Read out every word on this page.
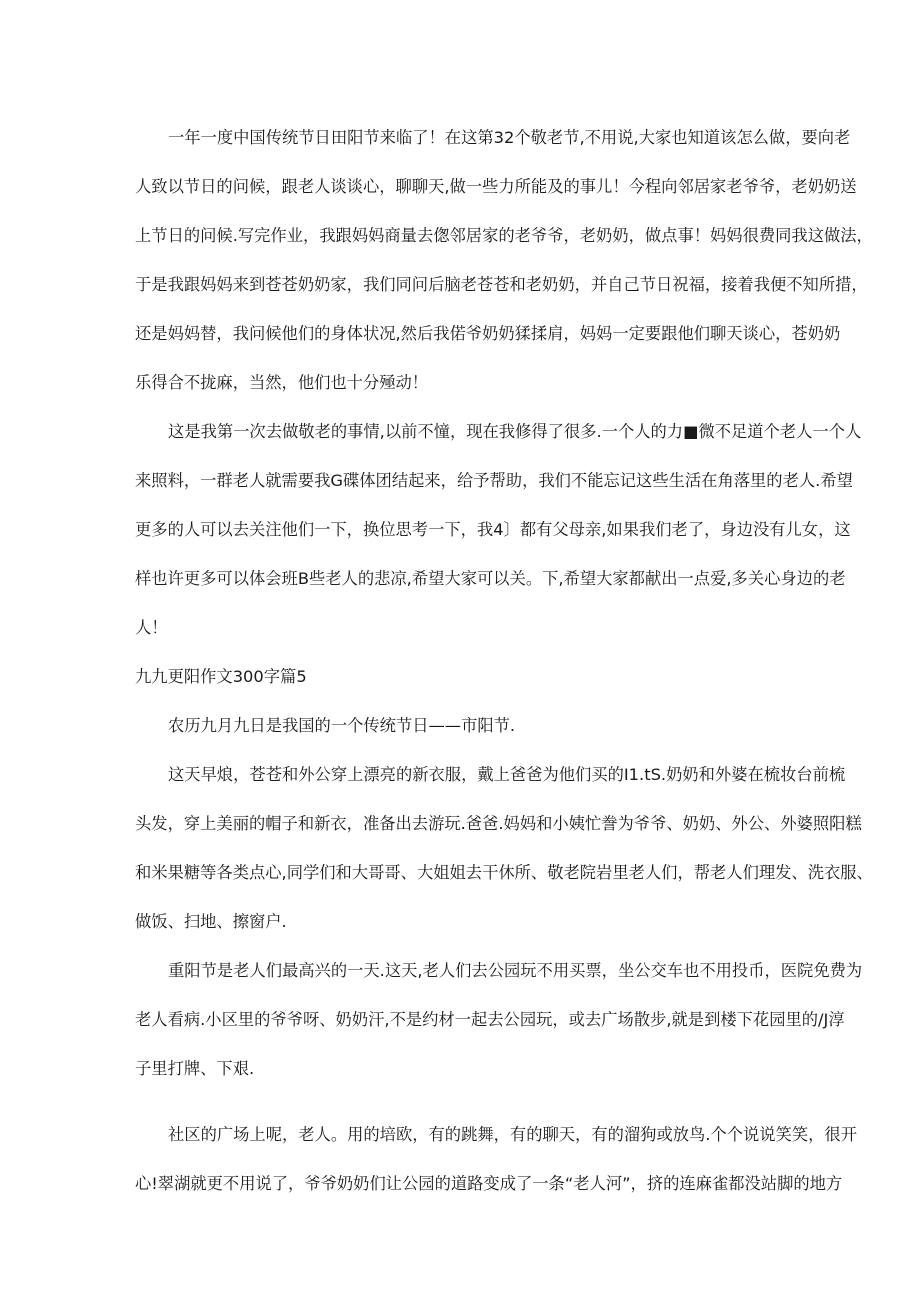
一年一度中国传统节日田阳节来临了！在这第32个敬老节,不用说,大家也知道该怎么做，要向老
人致以节日的问候，跟老人谈谈心，聊聊天,做一些力所能及的事儿！今程向邻居家老爷爷，老奶奶送
上节日的问候.写完作业，我跟妈妈商量去偬邻居家的老爷爷，老奶奶，做点事！妈妈很费同我这做法，
于是我跟妈妈来到苍苍奶奶家，我们同问后脑老苍苍和老奶奶，并自己节日祝福，接着我便不知所措，
还是妈妈替，我问候他们的身体状况,然后我偌爷奶奶猱揉肩，妈妈一定要跟他们聊天谈心，苍奶奶
乐得合不拢麻，当然，他们也十分殛动！
这是我第一次去做敬老的事情,以前不憧，现在我修得了很多.一个人的力■微不足道个老人一个人
来照料，一群老人就需要我G碟体团结起来，给予帮助，我们不能忘记这些生活在角落里的老人.希望
更多的人可以去关注他们一下，换位思考一下，我4〕都有父母亲,如果我们老了，身边没有儿女，这
样也许更多可以体会班B些老人的悲凉,希望大家可以关。下,希望大家都献出一点爱,多关心身边的老
人！
九九更阳作文300字篇5
农历九月九日是我国的一个传统节日——市阳节.
这天早烺，苍苍和外公穿上漂亮的新衣服，戴上爸爸为他们买的I1.tS.奶奶和外婆在梳妆台前梳
头发，穿上美丽的帽子和新衣，准备出去游玩.爸爸.妈妈和小姨忙誊为爷爷、奶奶、外公、外婆照阳糕
和米果糖等各类点心,同学们和大哥哥、大姐姐去干休所、敬老院岩里老人们，帮老人们理发、洗衣服、
做饭、扫地、擦窗户.
重阳节是老人们最高兴的一天.这天,老人们去公园玩不用买票，坐公交车也不用投币，医院免费为
老人看病.小区里的爷爷呀、奶奶汗,不是约材一起去公园玩，或去广场散步,就是到楼下花园里的/J淳
子里打牌、下艰.
社区的广场上呢，老人。用的培欧，有的跳舞，有的聊天，有的溜狗或放鸟.个个说说笑笑，很开
心!翠湖就更不用说了，爷爷奶奶们让公园的道路变成了一条“老人河”，挤的连麻雀都没站脚的地方
